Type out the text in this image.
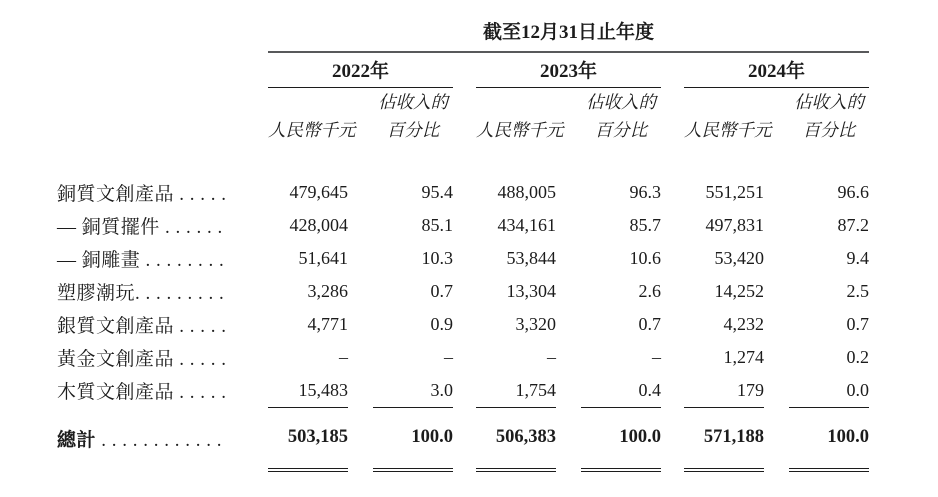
	截至12月31日止年度										
	2022年				2023年				2024年		
			佔收入的				佔收入的				佔收入的
	人民幣千元		百分比		人民幣千元		百分比		人民幣千元		百分比

銅質文創產品 . . . . .	479,645		95.4		488,005		96.3		551,251		96.6
— 銅質擺件 . . . . . .	428,004		85.1		434,161		85.7		497,831		87.2
— 銅雕畫 . . . . . . . .	51,641		10.3		53,844		10.6		53,420		9.4
塑膠潮玩. . . . . . . . .	3,286		0.7		13,304		2.6		14,252		2.5
銀質文創產品 . . . . .	4,771		0.9		3,320		0.7		4,232		0.7
黃金文創產品 . . . . .	–		–		–		–		1,274		0.2
木質文創產品 . . . . .	15,483		3.0		1,754		0.4		179		0.0
總計 . . . . . . . . . . . .	503,185		100.0		506,383		100.0		571,188		100.0
